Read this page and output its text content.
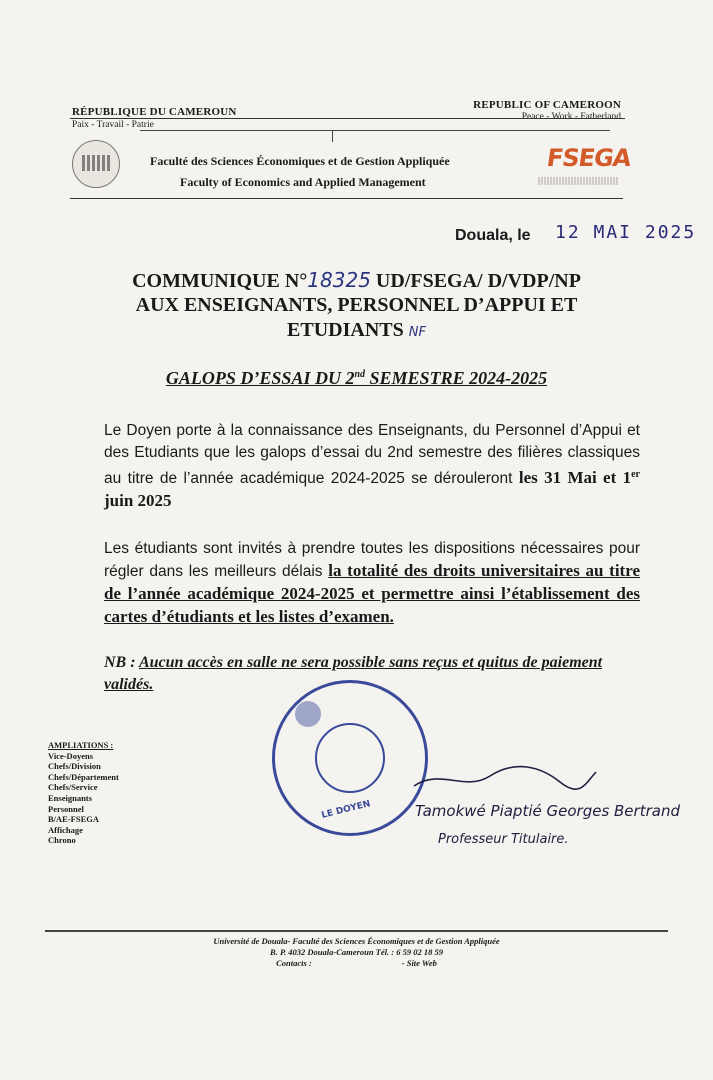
RÉPUBLIQUE DU CAMEROUN
Paix - Travail - Patrie
REPUBLIC OF CAMEROON
Peace - Work - Fatherland
Faculté des Sciences Économiques et de Gestion Appliquée
Faculty of Economics and Applied Management
FSEGA
Douala, le 12 MAI 2025
COMMUNIQUE N°18325 UD/FSEGA/ D/VDP/NP
AUX ENSEIGNANTS, PERSONNEL D’APPUI ET
ETUDIANTS NF
GALOPS D’ESSAI DU 2nd SEMESTRE 2024-2025
Le Doyen porte à la connaissance des Enseignants, du Personnel d’Appui et des Etudiants que les galops d’essai du 2nd semestre des filières classiques au titre de l’année académique 2024-2025 se dérouleront les 31 Mai et 1er juin 2025
Les étudiants sont invités à prendre toutes les dispositions nécessaires pour régler dans les meilleurs délais la totalité des droits universitaires au titre de l’année académique 2024-2025 et permettre ainsi l’établissement des cartes d’étudiants et les listes d’examen.
NB : Aucun accès en salle ne sera possible sans reçus et quitus de paiement validés.
LE DOYEN	Tamokwé Piaptié Georges Bertrand
Professeur Titulaire.
AMPLIATIONS :
Vice-Doyens
Chefs/Division
Chefs/Département
Chefs/Service
Enseignants
Personnel
B/AE-FSEGA
Affichage
Chrono
Université de Douala- Faculté des Sciences Économiques et de Gestion Appliquée
B. P. 4032 Douala-Cameroun Tél. : 6 59 02 18 59
Contacts :	- Site Web
